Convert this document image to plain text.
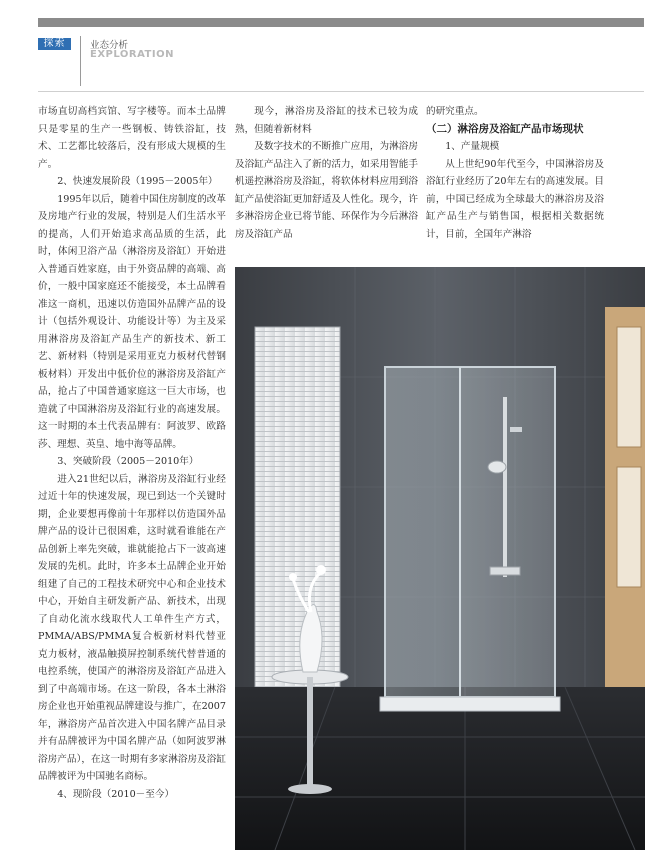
探索	业态分析
EXPLORATION

市场直切高档宾馆、写字楼等。而本土品牌只是零星的生产一些钢板、铸铁浴缸，技术、工艺都比较落后，没有形成大规模的生产。

2、快速发展阶段（1995－2005年）

1995年以后，随着中国住房制度的改革及房地产行业的发展，特别是人们生活水平的提高，人们开始追求高品质的生活，此时，体闲卫浴产品（淋浴房及浴缸）开始进入普通百姓家庭，由于外资品牌的高端、高价，一般中国家庭还不能接受，本土品牌看准这一商机，迅速以仿造国外品牌产品的设计（包括外观设计、功能设计等）为主及采用淋浴房及浴缸产品生产的新技术、新工艺、新材料（特别是采用亚克力板材代替钢板材料）开发出中低价位的淋浴房及浴缸产品，抢占了中国普通家庭这一巨大市场，也造就了中国淋浴房及浴缸行业的高速发展。这一时期的本土代表品牌有：阿波罗、欧路莎、理想、英皇、地中海等品牌。

3、突破阶段（2005－2010年）

进入21世纪以后，淋浴房及浴缸行业经过近十年的快速发展，现已到达一个关键时期，企业要想再像前十年那样以仿造国外品牌产品的设计已很困难，这时就看谁能在产品创新上率先突破，谁就能抢占下一波高速发展的先机。此时，许多本土品牌企业开始组建了自己的工程技术研究中心和企业技术中心，开始自主研发新产品、新技术，出现了自动化流水线取代人工单件生产方式，PMMA/ABS/PMMA复合板新材料代替亚克力板材，液晶触摸屏控制系统代替普通的电控系统，使国产的淋浴房及浴缸产品进入到了中高端市场。在这一阶段，各本土淋浴房企业也开始重视品牌建设与推广，在2007年，淋浴房产品首次进入中国名牌产品目录并有品牌被评为中国名牌产品（如阿波罗淋浴房产品），在这一时期有多家淋浴房及浴缸品牌被评为中国驰名商标。

4、现阶段（2010－至今）

现今，淋浴房及浴缸的技术已较为成熟，但随着新材料

及数字技术的不断推广应用，为淋浴房及浴缸产品注入了新的活力，如采用智能手机遥控淋浴房及浴缸，将软体材料应用到浴缸产品使浴缸更加舒适及人性化。现今，许多淋浴房企业已将节能、环保作为今后淋浴房及浴缸产品

的研究重点。

（二）淋浴房及浴缸产品市场现状

1、产量规模

从上世纪90年代至今，中国淋浴房及浴缸行业经历了20年左右的高速发展。目前，中国已经成为全球最大的淋浴房及浴缸产品生产与销售国，根据相关数据统计，目前，全国年产淋浴
